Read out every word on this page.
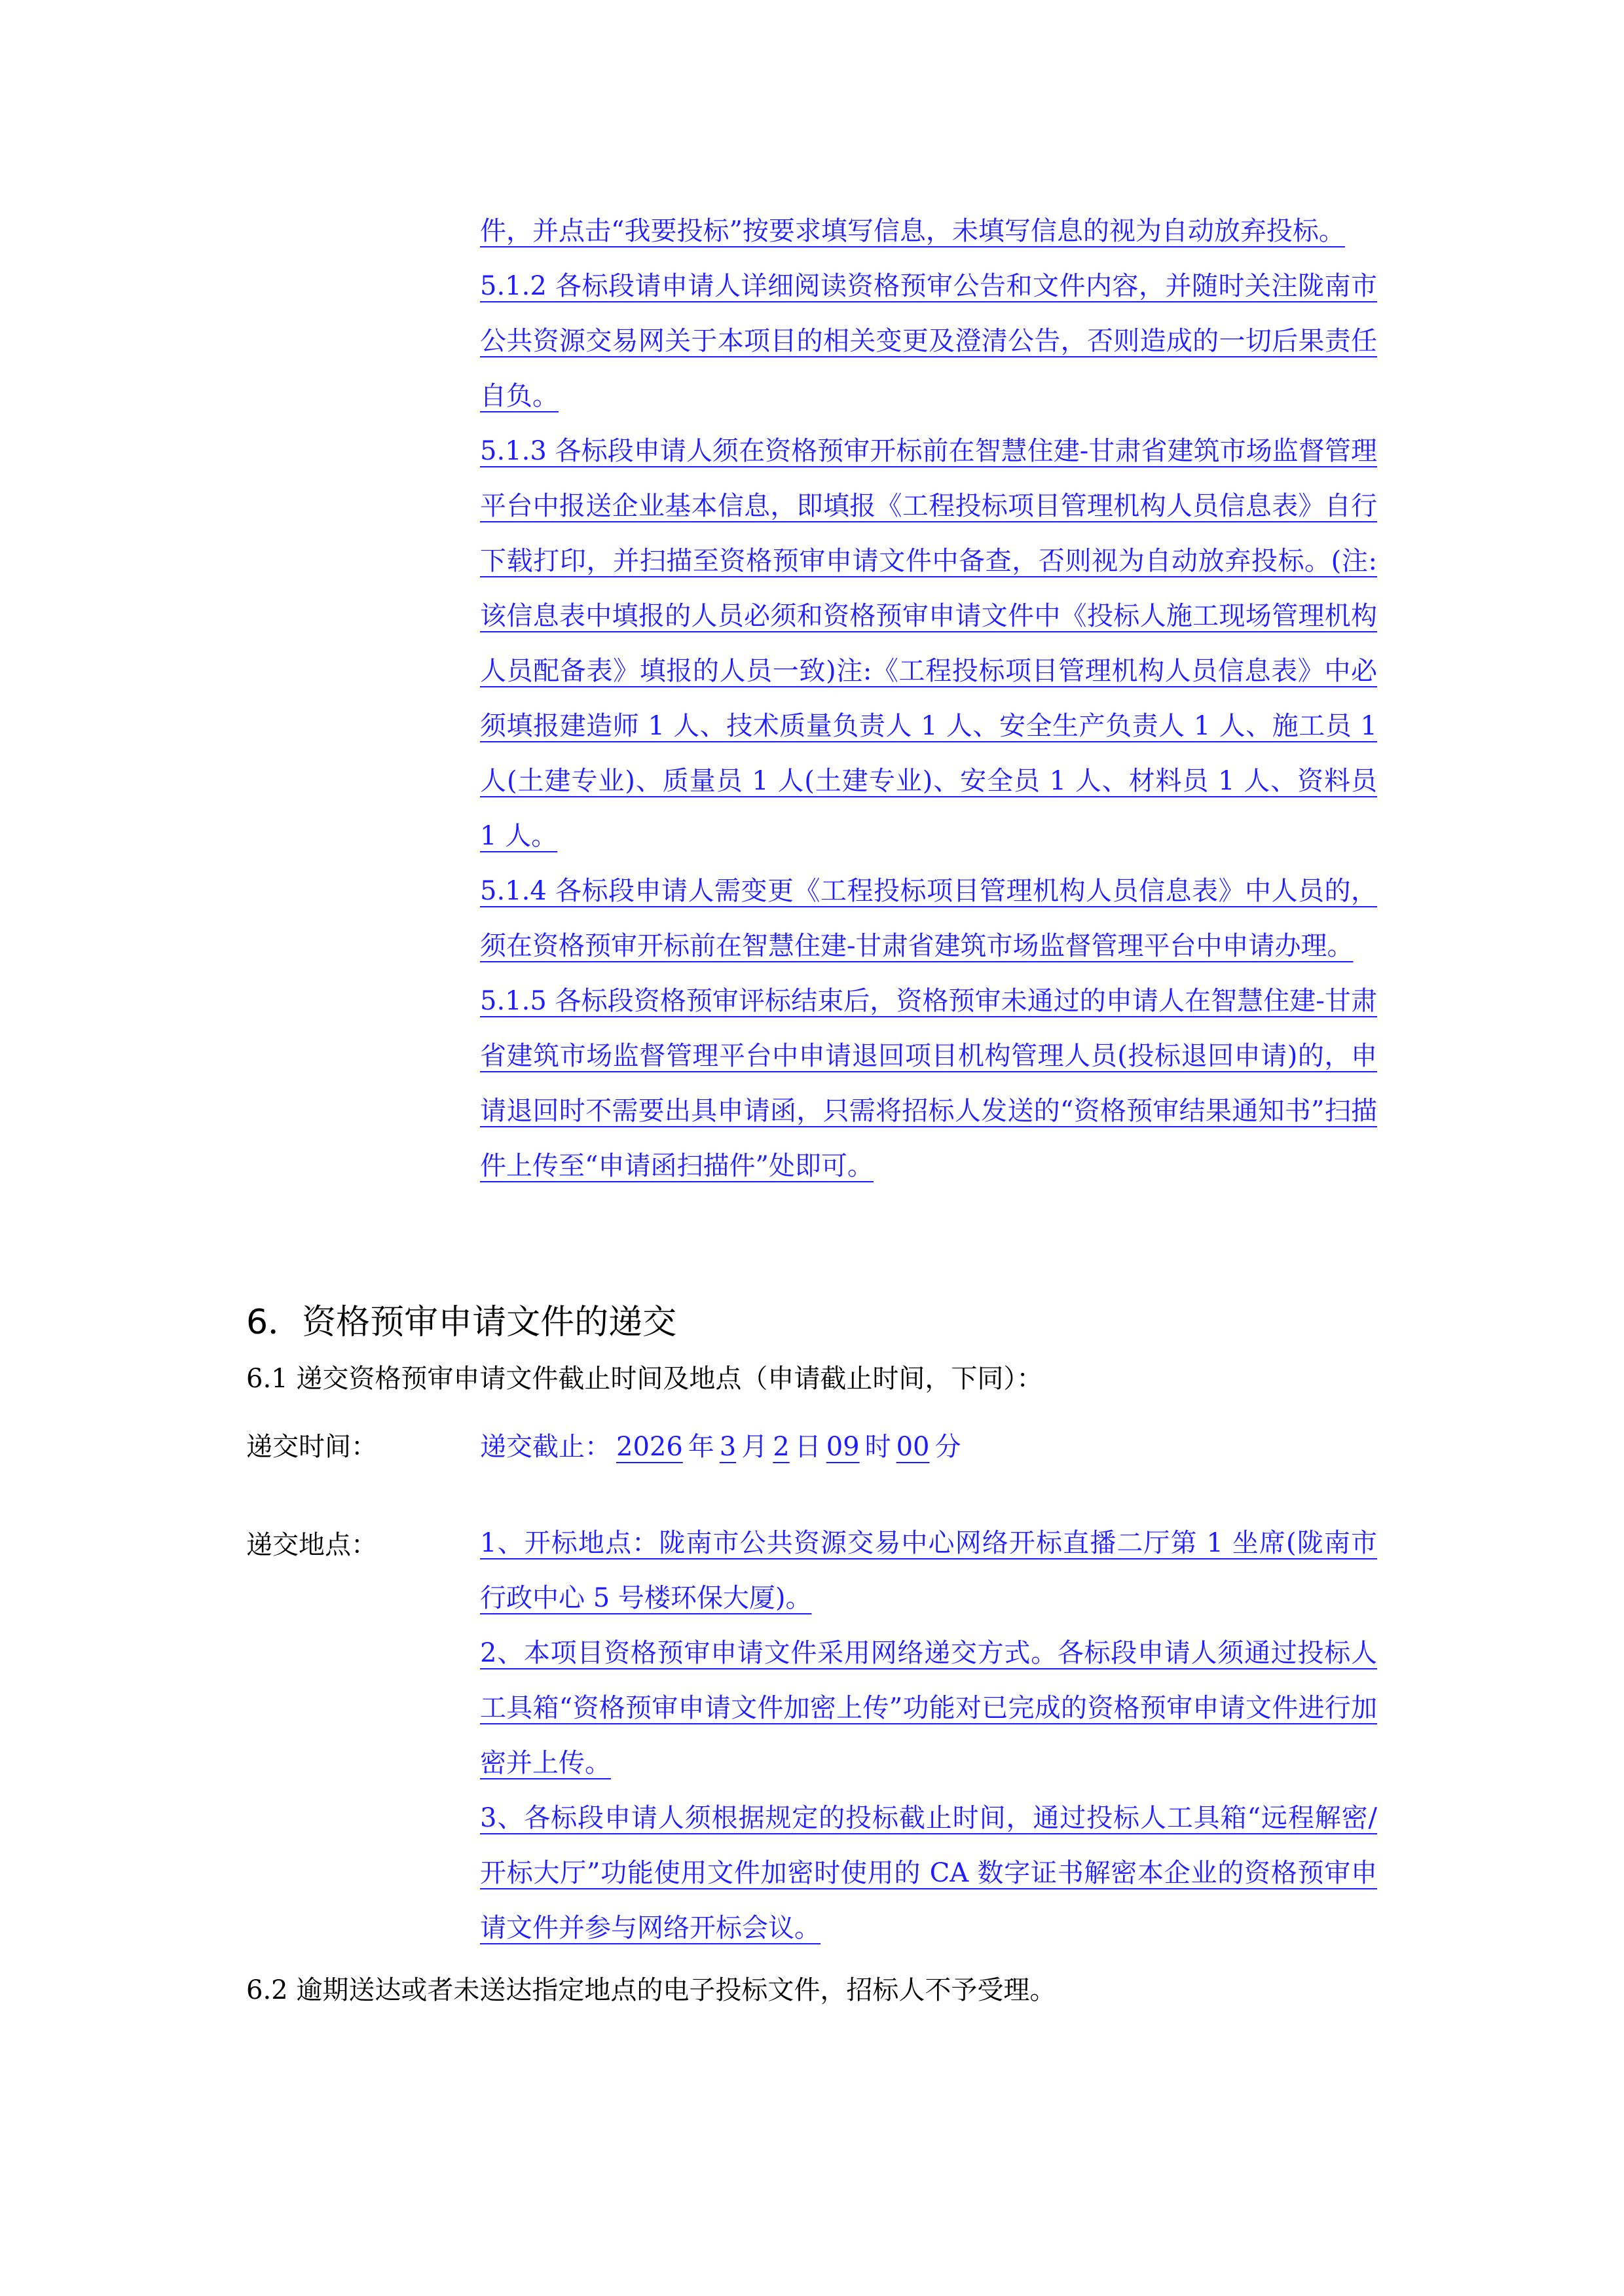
件，并点击“我要投标”按要求填写信息，未填写信息的视为自动放弃投标。

5.1.2 各标段请申请人详细阅读资格预审公告和文件内容，并随时关注陇南市公共资源交易网关于本项目的相关变更及澄清公告，否则造成的一切后果责任自负。

5.1.3 各标段申请人须在资格预审开标前在智慧住建-甘肃省建筑市场监督管理平台中报送企业基本信息，即填报《工程投标项目管理机构人员信息表》自行下载打印，并扫描至资格预审申请文件中备查，否则视为自动放弃投标。(注:该信息表中填报的人员必须和资格预审申请文件中《投标人施工现场管理机构人员配备表》填报的人员一致)注:《工程投标项目管理机构人员信息表》中必须填报建造师 1 人、技术质量负责人 1 人、安全生产负责人 1 人、施工员 1 人(土建专业)、质量员 1 人(土建专业)、安全员 1 人、材料员 1 人、资料员 1 人。

5.1.4 各标段申请人需变更《工程投标项目管理机构人员信息表》中人员的，须在资格预审开标前在智慧住建-甘肃省建筑市场监督管理平台中申请办理。

5.1.5 各标段资格预审评标结束后，资格预审未通过的申请人在智慧住建-甘肃省建筑市场监督管理平台中申请退回项目机构管理人员(投标退回申请)的，申请退回时不需要出具申请函，只需将招标人发送的“资格预审结果通知书”扫描件上传至“申请函扫描件”处即可。

6．资格预审申请文件的递交
6.1 递交资格预审申请文件截止时间及地点（申请截止时间，下同）：
递交时间：	递交截止： 2026 年 3 月 2 日 09 时 00 分
递交地点：	1、开标地点：陇南市公共资源交易中心网络开标直播二厅第 1 坐席(陇南市行政中心 5 号楼环保大厦)。

2、本项目资格预审申请文件采用网络递交方式。各标段申请人须通过投标人工具箱“资格预审申请文件加密上传”功能对已完成的资格预审申请文件进行加密并上传。

3、各标段申请人须根据规定的投标截止时间，通过投标人工具箱“远程解密/开标大厅”功能使用文件加密时使用的 CA 数字证书解密本企业的资格预审申请文件并参与网络开标会议。

6.2 逾期送达或者未送达指定地点的电子投标文件，招标人不予受理。
